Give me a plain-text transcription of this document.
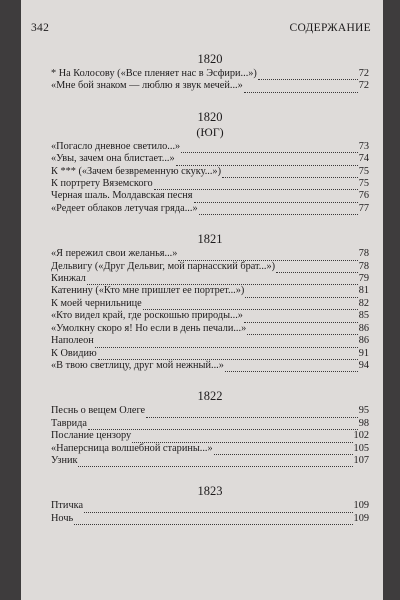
342	СОДЕРЖАНИЕ
1820
* На Колосову («Все пленяет нас в Эсфири...»)	72
«Мне бой знаком — люблю я звук мечей...»	72
1820
(ЮГ)
«Погасло дневное светило...»	73
«Увы, зачем она блистает...»	74
К *** («Зачем безвременную скуку...»)	75
К портрету Вяземского	75
Черная шаль. Молдавская песня	76
«Редеет облаков летучая гряда...»	77
1821
«Я пережил свои желанья...»	78
Дельвигу («Друг Дельвиг, мой парнасский брат...»)	78
Кинжал	79
Катенину («Кто мне пришлет ее портрет...»)	81
К моей чернильнице	82
«Кто видел край, где роскошью природы...»	85
«Умолкну скоро я! Но если в день печали...»	86
Наполеон	86
К Овидию	91
«В твою светлицу, друг мой нежный...»	94
1822
Песнь о вещем Олеге	95
Таврида	98
Послание цензору	102
«Наперсница волшебной старины...»	105
Узник	107
1823
Птичка	109
Ночь	109
